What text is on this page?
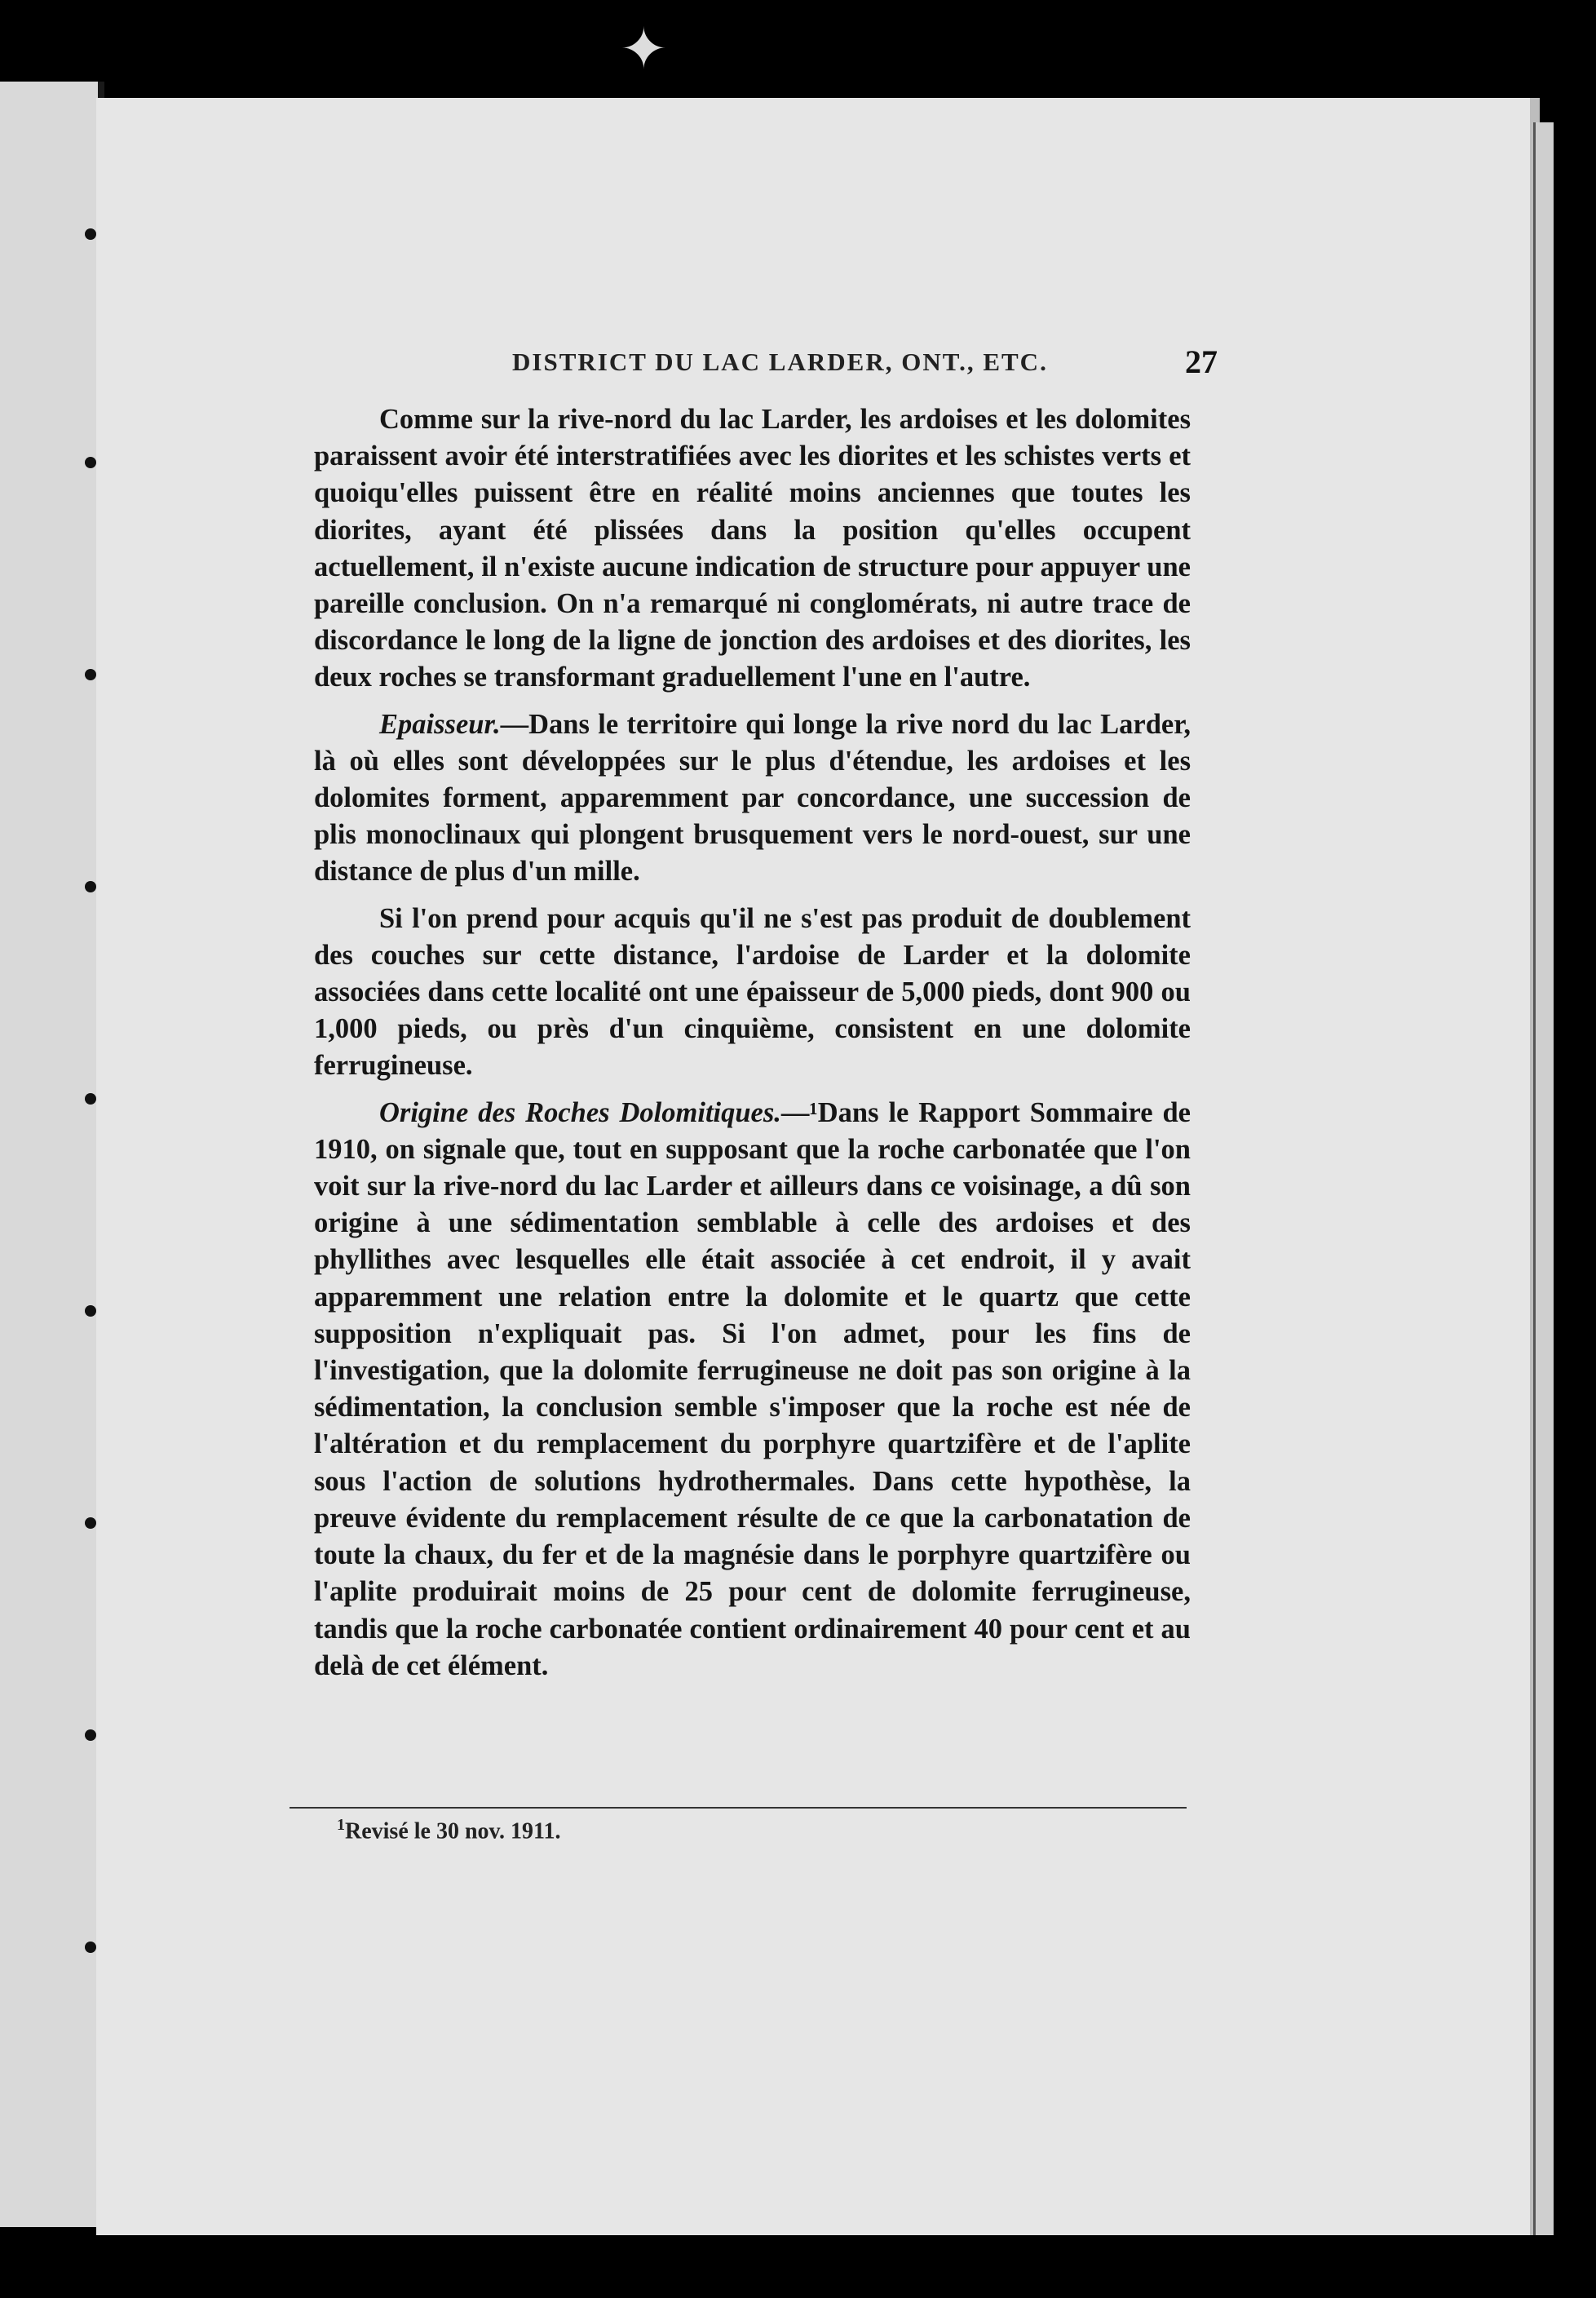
✦
DISTRICT DU LAC LARDER, ONT., ETC.	27

Comme sur la rive-nord du lac Larder, les ardoises et les dolomites paraissent avoir été interstratifiées avec les diorites et les schistes verts et quoiqu'elles puissent être en réalité moins anciennes que toutes les diorites, ayant été plissées dans la position qu'elles occupent actuellement, il n'existe aucune indication de structure pour appuyer une pareille conclusion. On n'a remarqué ni conglomérats, ni autre trace de discordance le long de la ligne de jonction des ardoises et des diorites, les deux roches se transformant graduellement l'une en l'autre.

Epaisseur.—Dans le territoire qui longe la rive nord du lac Larder, là où elles sont développées sur le plus d'étendue, les ardoises et les dolomites forment, apparemment par concordance, une succession de plis monoclinaux qui plongent brusquement vers le nord-ouest, sur une distance de plus d'un mille.

Si l'on prend pour acquis qu'il ne s'est pas produit de doublement des couches sur cette distance, l'ardoise de Larder et la dolomite associées dans cette localité ont une épaisseur de 5,000 pieds, dont 900 ou 1,000 pieds, ou près d'un cinquième, consistent en une dolomite ferrugineuse.

Origine des Roches Dolomitiques.—¹Dans le Rapport Sommaire de 1910, on signale que, tout en supposant que la roche carbonatée que l'on voit sur la rive-nord du lac Larder et ailleurs dans ce voisinage, a dû son origine à une sédimentation semblable à celle des ardoises et des phyllithes avec lesquelles elle était associée à cet endroit, il y avait apparemment une relation entre la dolomite et le quartz que cette supposition n'expliquait pas. Si l'on admet, pour les fins de l'investigation, que la dolomite ferrugineuse ne doit pas son origine à la sédimentation, la conclusion semble s'imposer que la roche est née de l'altération et du remplacement du porphyre quartzifère et de l'aplite sous l'action de solutions hydrothermales. Dans cette hypothèse, la preuve évidente du remplacement résulte de ce que la carbonatation de toute la chaux, du fer et de la magnésie dans le porphyre quartzifère ou l'aplite produirait moins de 25 pour cent de dolomite ferrugineuse, tandis que la roche carbonatée contient ordinairement 40 pour cent et au delà de cet élément.

$^1$Revisé le 30 nov. 1911.
